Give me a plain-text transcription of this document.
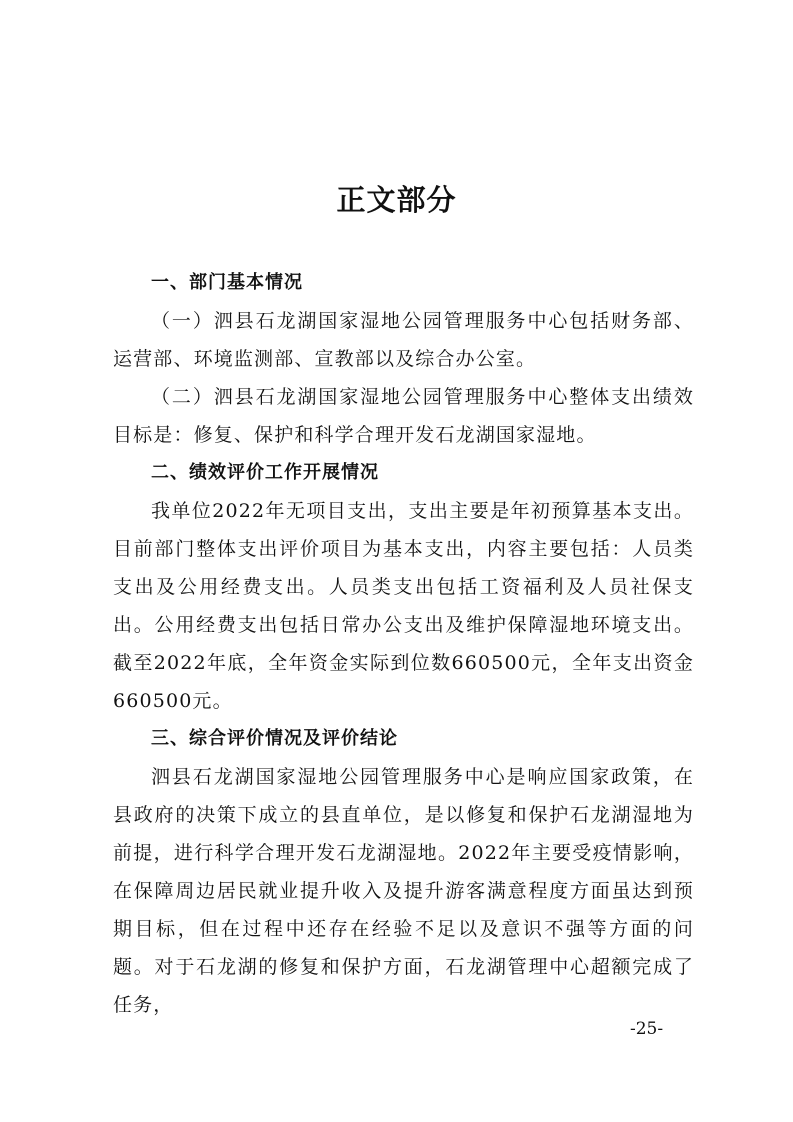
正文部分

一、部门基本情况

（一）泗县石龙湖国家湿地公园管理服务中心包括财务部、运营部、环境监测部、宣教部以及综合办公室。

（二）泗县石龙湖国家湿地公园管理服务中心整体支出绩效目标是：修复、保护和科学合理开发石龙湖国家湿地。

二、绩效评价工作开展情况

我单位2022年无项目支出，支出主要是年初预算基本支出。目前部门整体支出评价项目为基本支出，内容主要包括：人员类支出及公用经费支出。人员类支出包括工资福利及人员社保支出。公用经费支出包括日常办公支出及维护保障湿地环境支出。截至2022年底，全年资金实际到位数660500元，全年支出资金660500元。

三、综合评价情况及评价结论

泗县石龙湖国家湿地公园管理服务中心是响应国家政策，在县政府的决策下成立的县直单位，是以修复和保护石龙湖湿地为前提，进行科学合理开发石龙湖湿地。2022年主要受疫情影响，在保障周边居民就业提升收入及提升游客满意程度方面虽达到预期目标，但在过程中还存在经验不足以及意识不强等方面的问题。对于石龙湖的修复和保护方面，石龙湖管理中心超额完成了任务，

-25-
